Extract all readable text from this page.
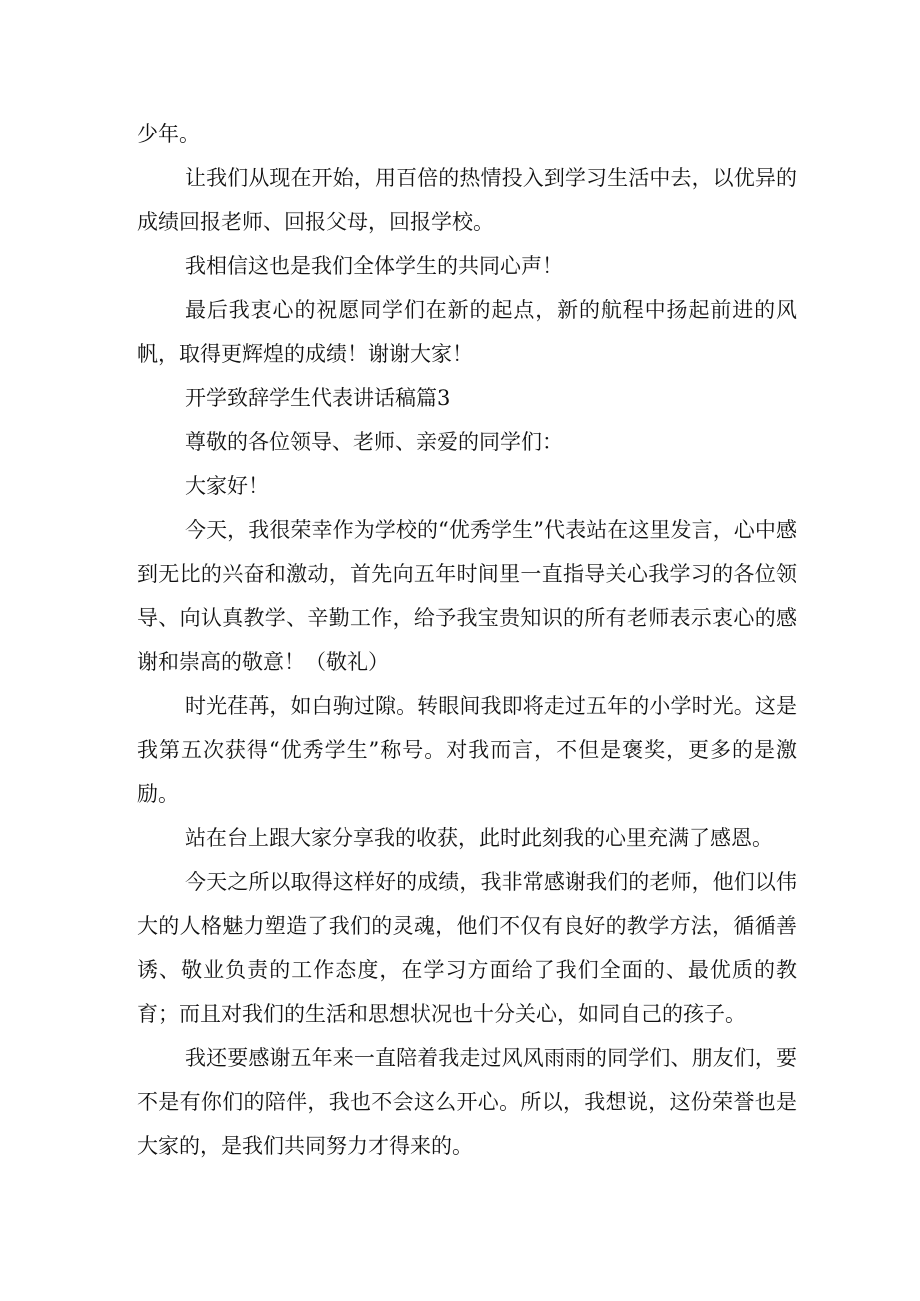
少年。

让我们从现在开始，用百倍的热情投入到学习生活中去，以优异的成绩回报老师、回报父母，回报学校。

我相信这也是我们全体学生的共同心声！

最后我衷心的祝愿同学们在新的起点，新的航程中扬起前进的风帆，取得更辉煌的成绩！谢谢大家！

开学致辞学生代表讲话稿篇3

尊敬的各位领导、老师、亲爱的同学们：

大家好！

今天，我很荣幸作为学校的“优秀学生”代表站在这里发言，心中感到无比的兴奋和激动，首先向五年时间里一直指导关心我学习的各位领导、向认真教学、辛勤工作，给予我宝贵知识的所有老师表示衷心的感谢和崇高的敬意！（敬礼）

时光荏苒，如白驹过隙。转眼间我即将走过五年的小学时光。这是我第五次获得“优秀学生”称号。对我而言，不但是褒奖，更多的是激励。

站在台上跟大家分享我的收获，此时此刻我的心里充满了感恩。

今天之所以取得这样好的成绩，我非常感谢我们的老师，他们以伟大的人格魅力塑造了我们的灵魂，他们不仅有良好的教学方法，循循善诱、敬业负责的工作态度，在学习方面给了我们全面的、最优质的教育；而且对我们的生活和思想状况也十分关心，如同自己的孩子。

我还要感谢五年来一直陪着我走过风风雨雨的同学们、朋友们，要不是有你们的陪伴，我也不会这么开心。所以，我想说，这份荣誉也是大家的，是我们共同努力才得来的。
